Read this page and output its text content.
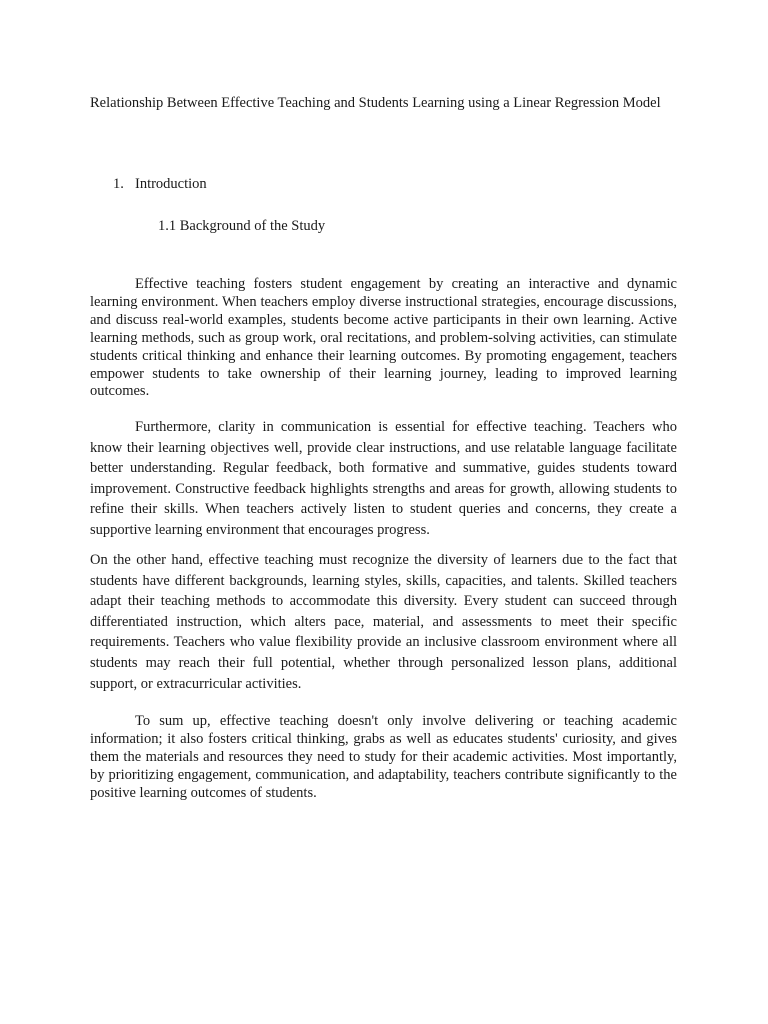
Relationship Between Effective Teaching and Students Learning using a Linear Regression Model

1. Introduction

1.1 Background of the Study

Effective teaching fosters student engagement by creating an interactive and dynamic learning environment. When teachers employ diverse instructional strategies, encourage discussions, and discuss real-world examples, students become active participants in their own learning. Active learning methods, such as group work, oral recitations, and problem-solving activities, can stimulate students critical thinking and enhance their learning outcomes. By promoting engagement, teachers empower students to take ownership of their learning journey, leading to improved learning outcomes.

Furthermore, clarity in communication is essential for effective teaching. Teachers who know their learning objectives well, provide clear instructions, and use relatable language facilitate better understanding. Regular feedback, both formative and summative, guides students toward improvement. Constructive feedback highlights strengths and areas for growth, allowing students to refine their skills. When teachers actively listen to student queries and concerns, they create a supportive learning environment that encourages progress.

On the other hand, effective teaching must recognize the diversity of learners due to the fact that students have different backgrounds, learning styles, skills, capacities, and talents. Skilled teachers adapt their teaching methods to accommodate this diversity. Every student can succeed through differentiated instruction, which alters pace, material, and assessments to meet their specific requirements. Teachers who value flexibility provide an inclusive classroom environment where all students may reach their full potential, whether through personalized lesson plans, additional support, or extracurricular activities.

To sum up, effective teaching doesn't only involve delivering or teaching academic information; it also fosters critical thinking, grabs as well as educates students' curiosity, and gives them the materials and resources they need to study for their academic activities. Most importantly, by prioritizing engagement, communication, and adaptability, teachers contribute significantly to the positive learning outcomes of students.
